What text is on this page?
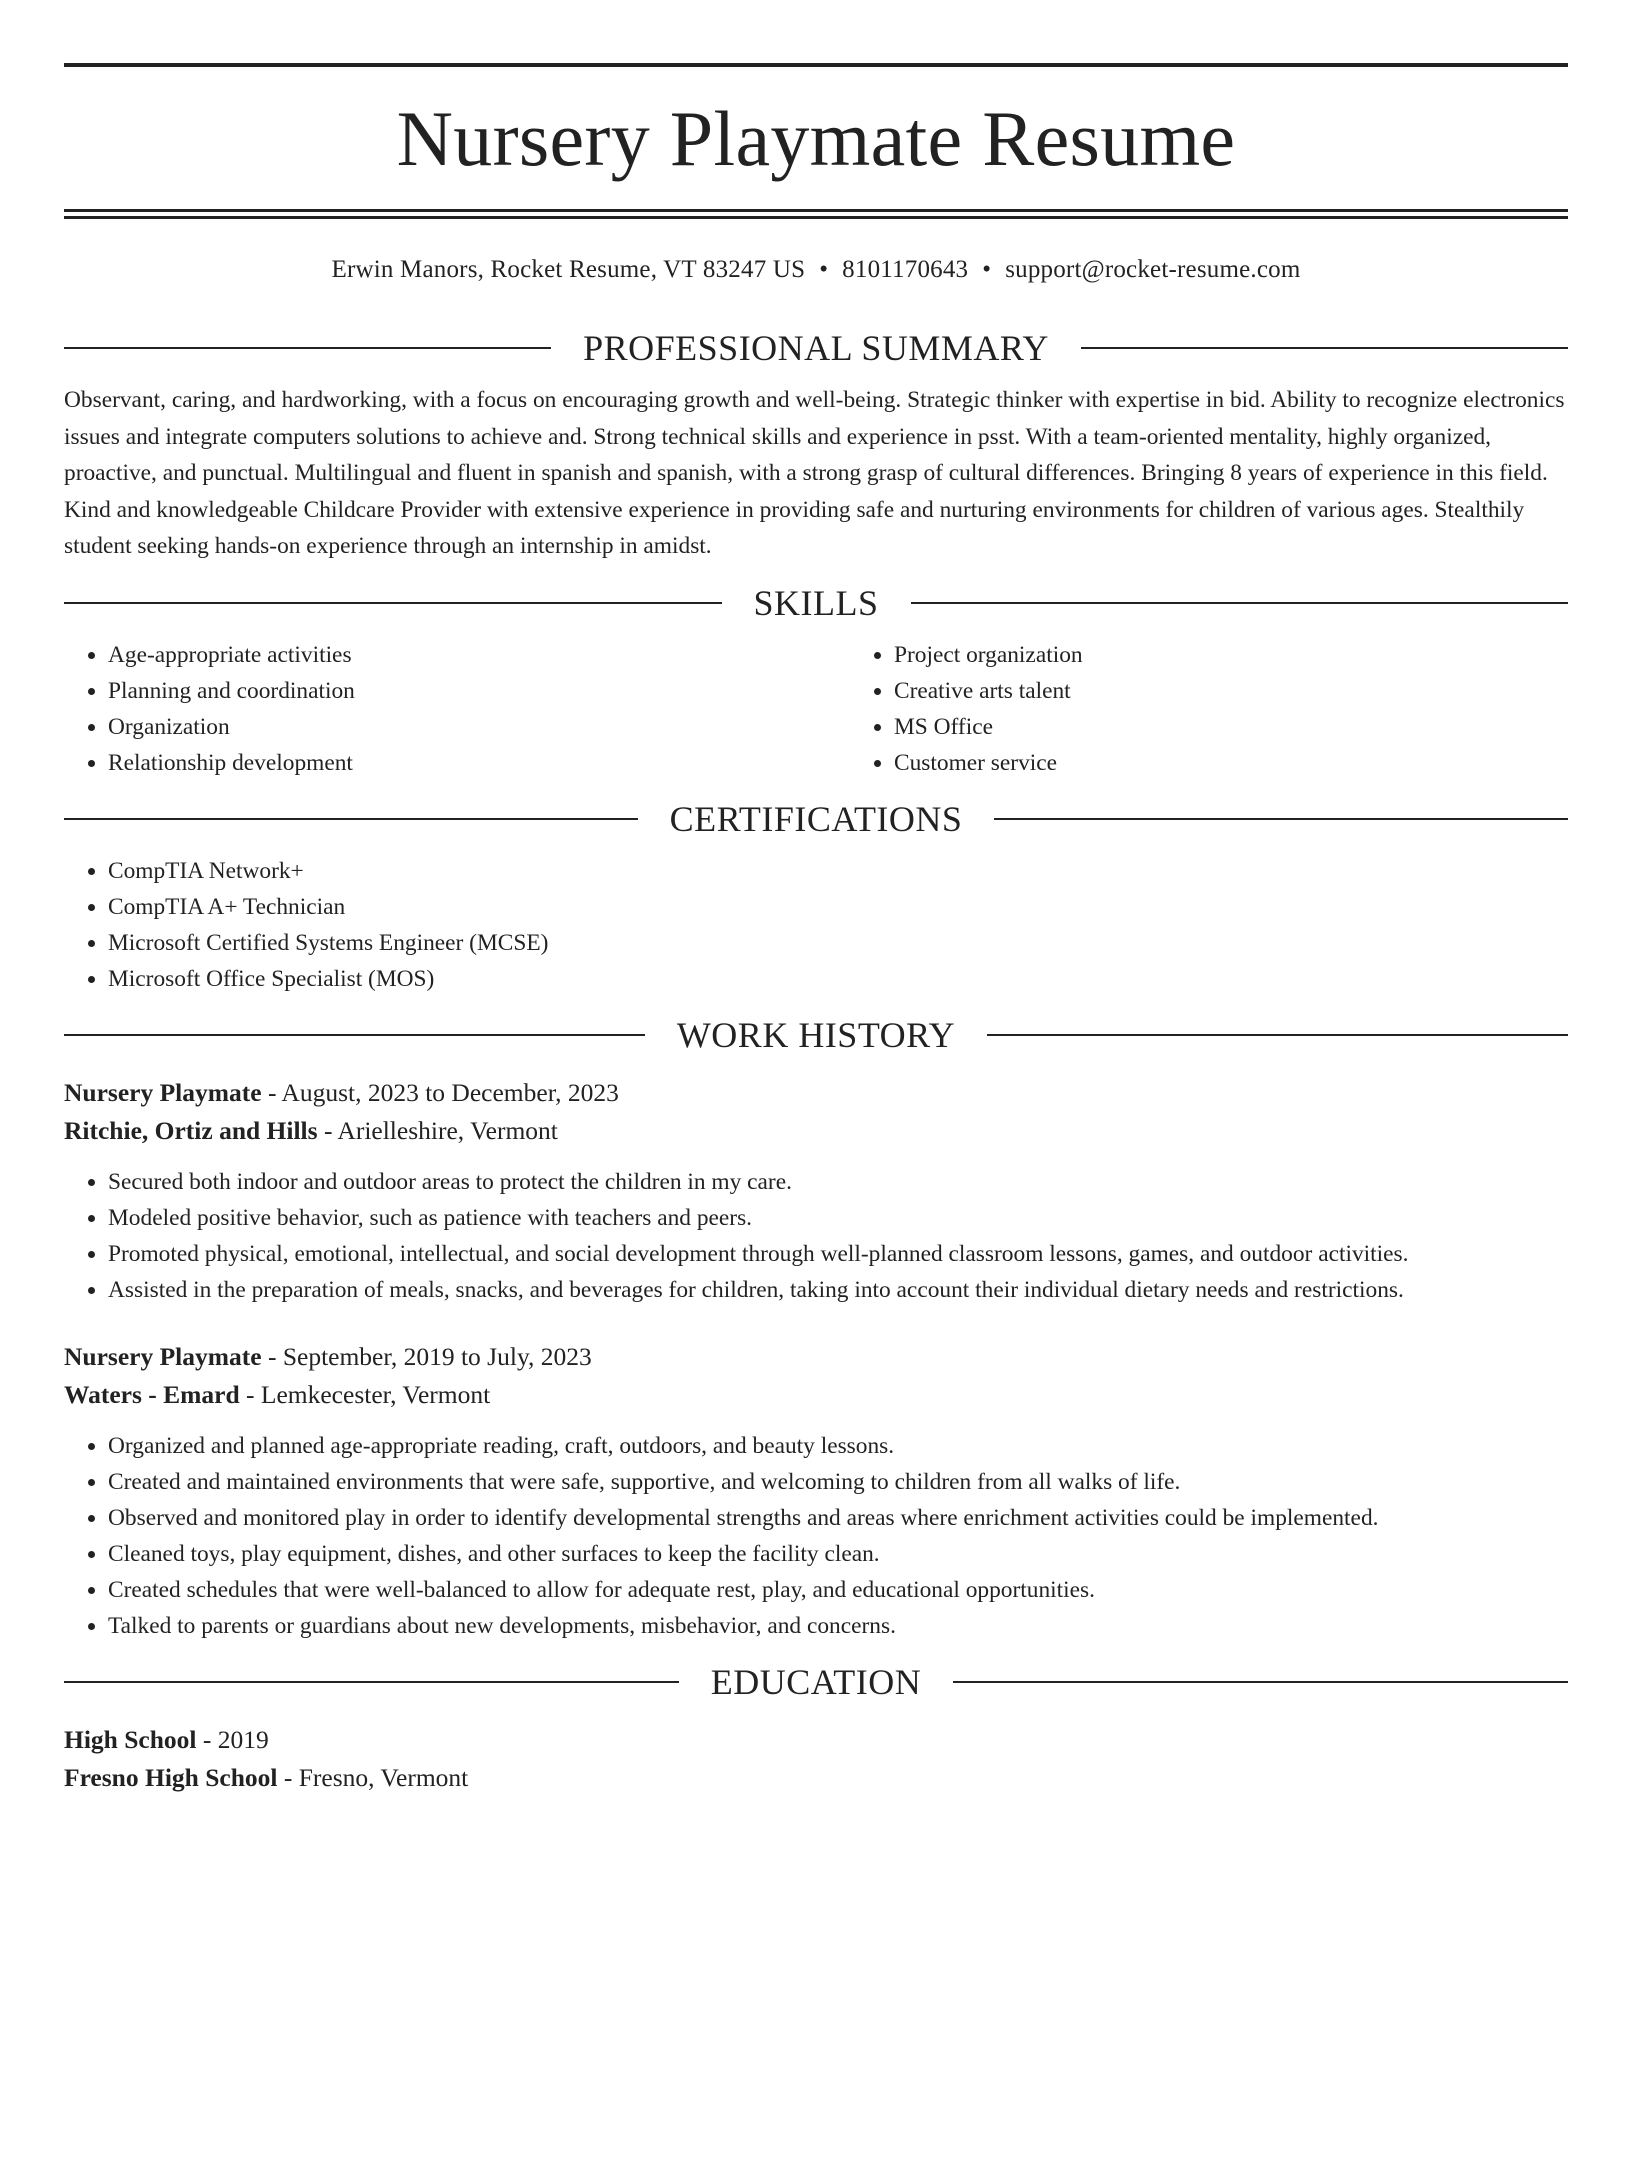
Nursery Playmate Resume
Erwin Manors, Rocket Resume, VT 83247 US • 8101170643 • support@rocket-resume.com
PROFESSIONAL SUMMARY

Observant, caring, and hardworking, with a focus on encouraging growth and well-being. Strategic thinker with expertise in bid. Ability to recognize electronics issues and integrate computers solutions to achieve and. Strong technical skills and experience in psst. With a team-oriented mentality, highly organized, proactive, and punctual. Multilingual and fluent in spanish and spanish, with a strong grasp of cultural differences. Bringing 8 years of experience in this field. Kind and knowledgeable Childcare Provider with extensive experience in providing safe and nurturing environments for children of various ages. Stealthily student seeking hands-on experience through an internship in amidst.

SKILLS
• Age-appropriate activities
• Planning and coordination
• Organization
• Relationship development
• Project organization
• Creative arts talent
• MS Office
• Customer service
CERTIFICATIONS
• CompTIA Network+
• CompTIA A+ Technician
• Microsoft Certified Systems Engineer (MCSE)
• Microsoft Office Specialist (MOS)
WORK HISTORY
Nursery Playmate - August, 2023 to December, 2023
Ritchie, Ortiz and Hills - Arielleshire, Vermont
• Secured both indoor and outdoor areas to protect the children in my care.
• Modeled positive behavior, such as patience with teachers and peers.
• Promoted physical, emotional, intellectual, and social development through well-planned classroom lessons, games, and outdoor activities.
• Assisted in the preparation of meals, snacks, and beverages for children, taking into account their individual dietary needs and restrictions.
Nursery Playmate - September, 2019 to July, 2023
Waters - Emard - Lemkecester, Vermont
• Organized and planned age-appropriate reading, craft, outdoors, and beauty lessons.
• Created and maintained environments that were safe, supportive, and welcoming to children from all walks of life.
• Observed and monitored play in order to identify developmental strengths and areas where enrichment activities could be implemented.
• Cleaned toys, play equipment, dishes, and other surfaces to keep the facility clean.
• Created schedules that were well-balanced to allow for adequate rest, play, and educational opportunities.
• Talked to parents or guardians about new developments, misbehavior, and concerns.
EDUCATION
High School - 2019
Fresno High School - Fresno, Vermont
